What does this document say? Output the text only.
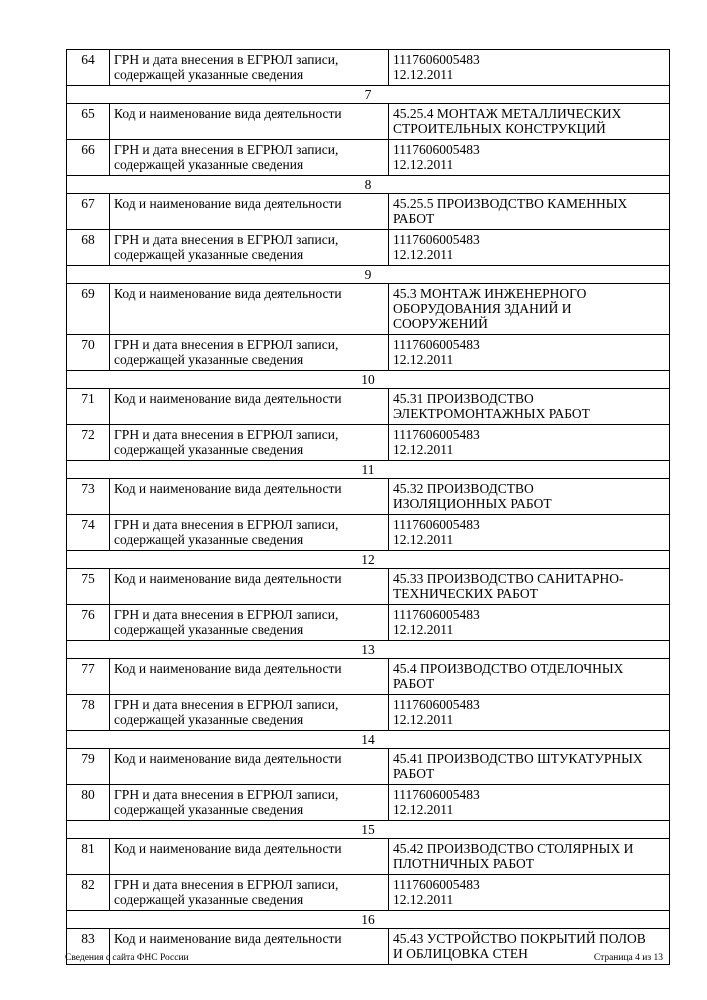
64	ГРН и дата внесения в ЕГРЮЛ записи,
содержащей указанные сведения	1117606005483
12.12.2011

7		
65	Код и наименование вида деятельности	45.25.4 МОНТАЖ МЕТАЛЛИЧЕСКИХ
СТРОИТЕЛЬНЫХ КОНСТРУКЦИЙ

66	ГРН и дата внесения в ЕГРЮЛ записи,
содержащей указанные сведения	1117606005483
12.12.2011

8		
67	Код и наименование вида деятельности	45.25.5 ПРОИЗВОДСТВО КАМЕННЫХ
РАБОТ

68	ГРН и дата внесения в ЕГРЮЛ записи,
содержащей указанные сведения	1117606005483
12.12.2011

9		
69	Код и наименование вида деятельности	45.3 МОНТАЖ ИНЖЕНЕРНОГО
ОБОРУДОВАНИЯ ЗДАНИЙ И
СООРУЖЕНИЙ

70	ГРН и дата внесения в ЕГРЮЛ записи,
содержащей указанные сведения	1117606005483
12.12.2011

10		
71	Код и наименование вида деятельности	45.31 ПРОИЗВОДСТВО
ЭЛЕКТРОМОНТАЖНЫХ РАБОТ

72	ГРН и дата внесения в ЕГРЮЛ записи,
содержащей указанные сведения	1117606005483
12.12.2011

11		
73	Код и наименование вида деятельности	45.32 ПРОИЗВОДСТВО
ИЗОЛЯЦИОННЫХ РАБОТ

74	ГРН и дата внесения в ЕГРЮЛ записи,
содержащей указанные сведения	1117606005483
12.12.2011

12		
75	Код и наименование вида деятельности	45.33 ПРОИЗВОДСТВО САНИТАРНО-
ТЕХНИЧЕСКИХ РАБОТ

76	ГРН и дата внесения в ЕГРЮЛ записи,
содержащей указанные сведения	1117606005483
12.12.2011

13		
77	Код и наименование вида деятельности	45.4 ПРОИЗВОДСТВО ОТДЕЛОЧНЫХ
РАБОТ

78	ГРН и дата внесения в ЕГРЮЛ записи,
содержащей указанные сведения	1117606005483
12.12.2011

14		
79	Код и наименование вида деятельности	45.41 ПРОИЗВОДСТВО ШТУКАТУРНЫХ
РАБОТ

80	ГРН и дата внесения в ЕГРЮЛ записи,
содержащей указанные сведения	1117606005483
12.12.2011

15		
81	Код и наименование вида деятельности	45.42 ПРОИЗВОДСТВО СТОЛЯРНЫХ И
ПЛОТНИЧНЫХ РАБОТ

82	ГРН и дата внесения в ЕГРЮЛ записи,
содержащей указанные сведения	1117606005483
12.12.2011

16		
83	Код и наименование вида деятельности	45.43 УСТРОЙСТВО ПОКРЫТИЙ ПОЛОВ
И ОБЛИЦОВКА СТЕН
Сведения с сайта ФНС России	Страница 4 из 13
